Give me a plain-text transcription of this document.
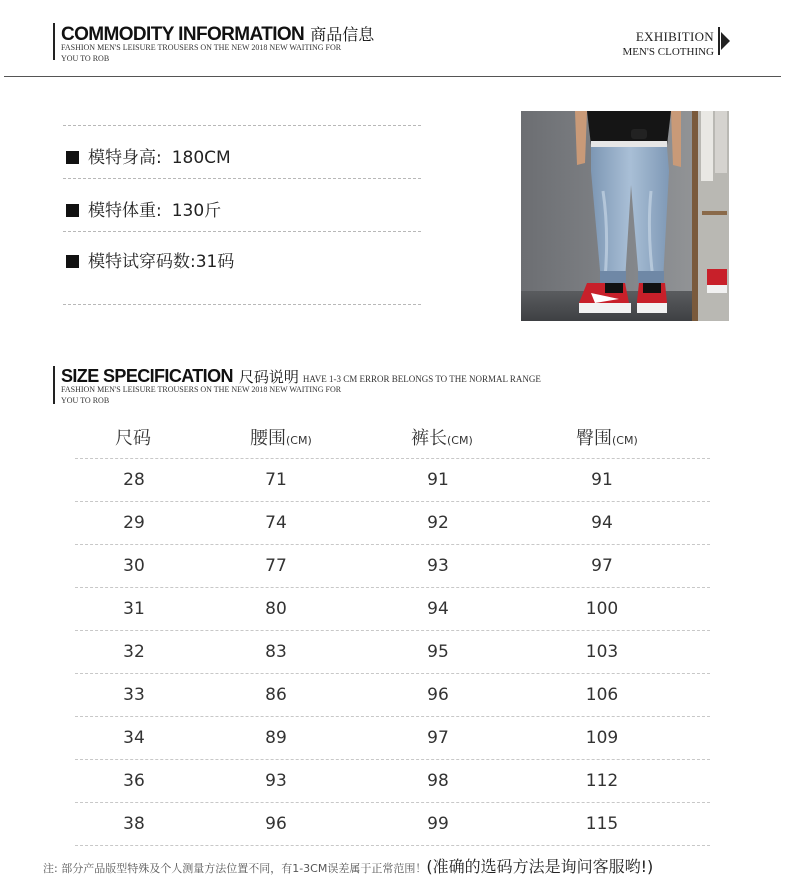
COMMODITY INFORMATION 商品信息
FASHION MEN'S LEISURE TROUSERS ON THE NEW 2018 NEW WAITING FOR
YOU TO ROB
EXHIBITION
MEN'S CLOTHING
模特身高: 180CM
模特体重: 130斤
模特试穿码数:31码
SIZE SPECIFICATION 尺码说明 HAVE 1-3 CM ERROR BELONGS TO THE NORMAL RANGE
FASHION MEN'S LEISURE TROUSERS ON THE NEW 2018 NEW WAITING FOR
YOU TO ROB
尺码	腰围(CM)	裤长(CM)	臀围(CM)
28	71	91	91
29	74	92	94
30	77	93	97
31	80	94	100
32	83	95	103
33	86	96	106
34	89	97	109
36	93	98	112
38	96	99	115
注: 部分产品版型特殊及个人测量方法位置不同，有1-3CM误差属于正常范围！(准确的选码方法是询问客服哟!)
